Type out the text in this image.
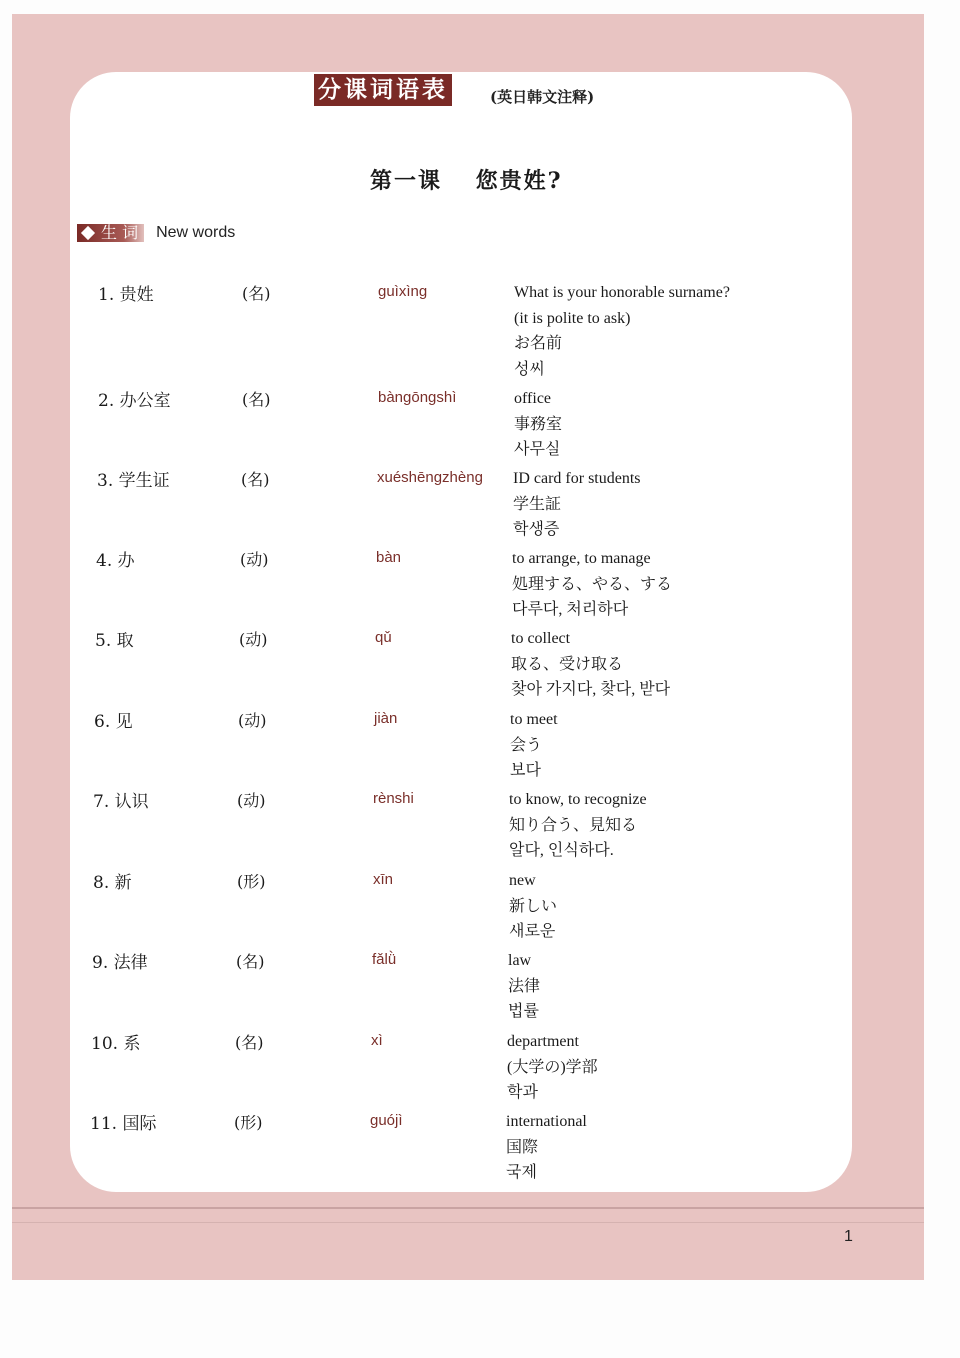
1
分课词语表	(英日韩文注释)
第一课　 您贵姓?
生 词 New words
1. 贵姓	(名)	guìxìng	What is your honorable surname?
(it is polite to ask)
お名前
성씨
2. 办公室	(名)	bàngōngshì	office
事務室
사무실
3. 学生证	(名)	xuéshēngzhèng ID card for students
学生証
학생증
4. 办	(动)	bàn	to arrange, to manage
処理する、やる、する
다루다, 처리하다
5. 取	(动)	qǔ	to collect
取る、受け取る
찾아 가지다, 찾다, 받다
6. 见	(动)	jiàn	to meet
会う
보다
7. 认识	(动)	rènshi	to know, to recognize
知り合う、見知る
알다, 인식하다.
8. 新	(形)	xīn	new
新しい
새로운
9. 法律	(名)	fǎlǜ	law
法律
법률
10. 系	(名)	xì	department
(大学の)学部
학과
11. 国际	(形)	guójì	international
国際
국제
